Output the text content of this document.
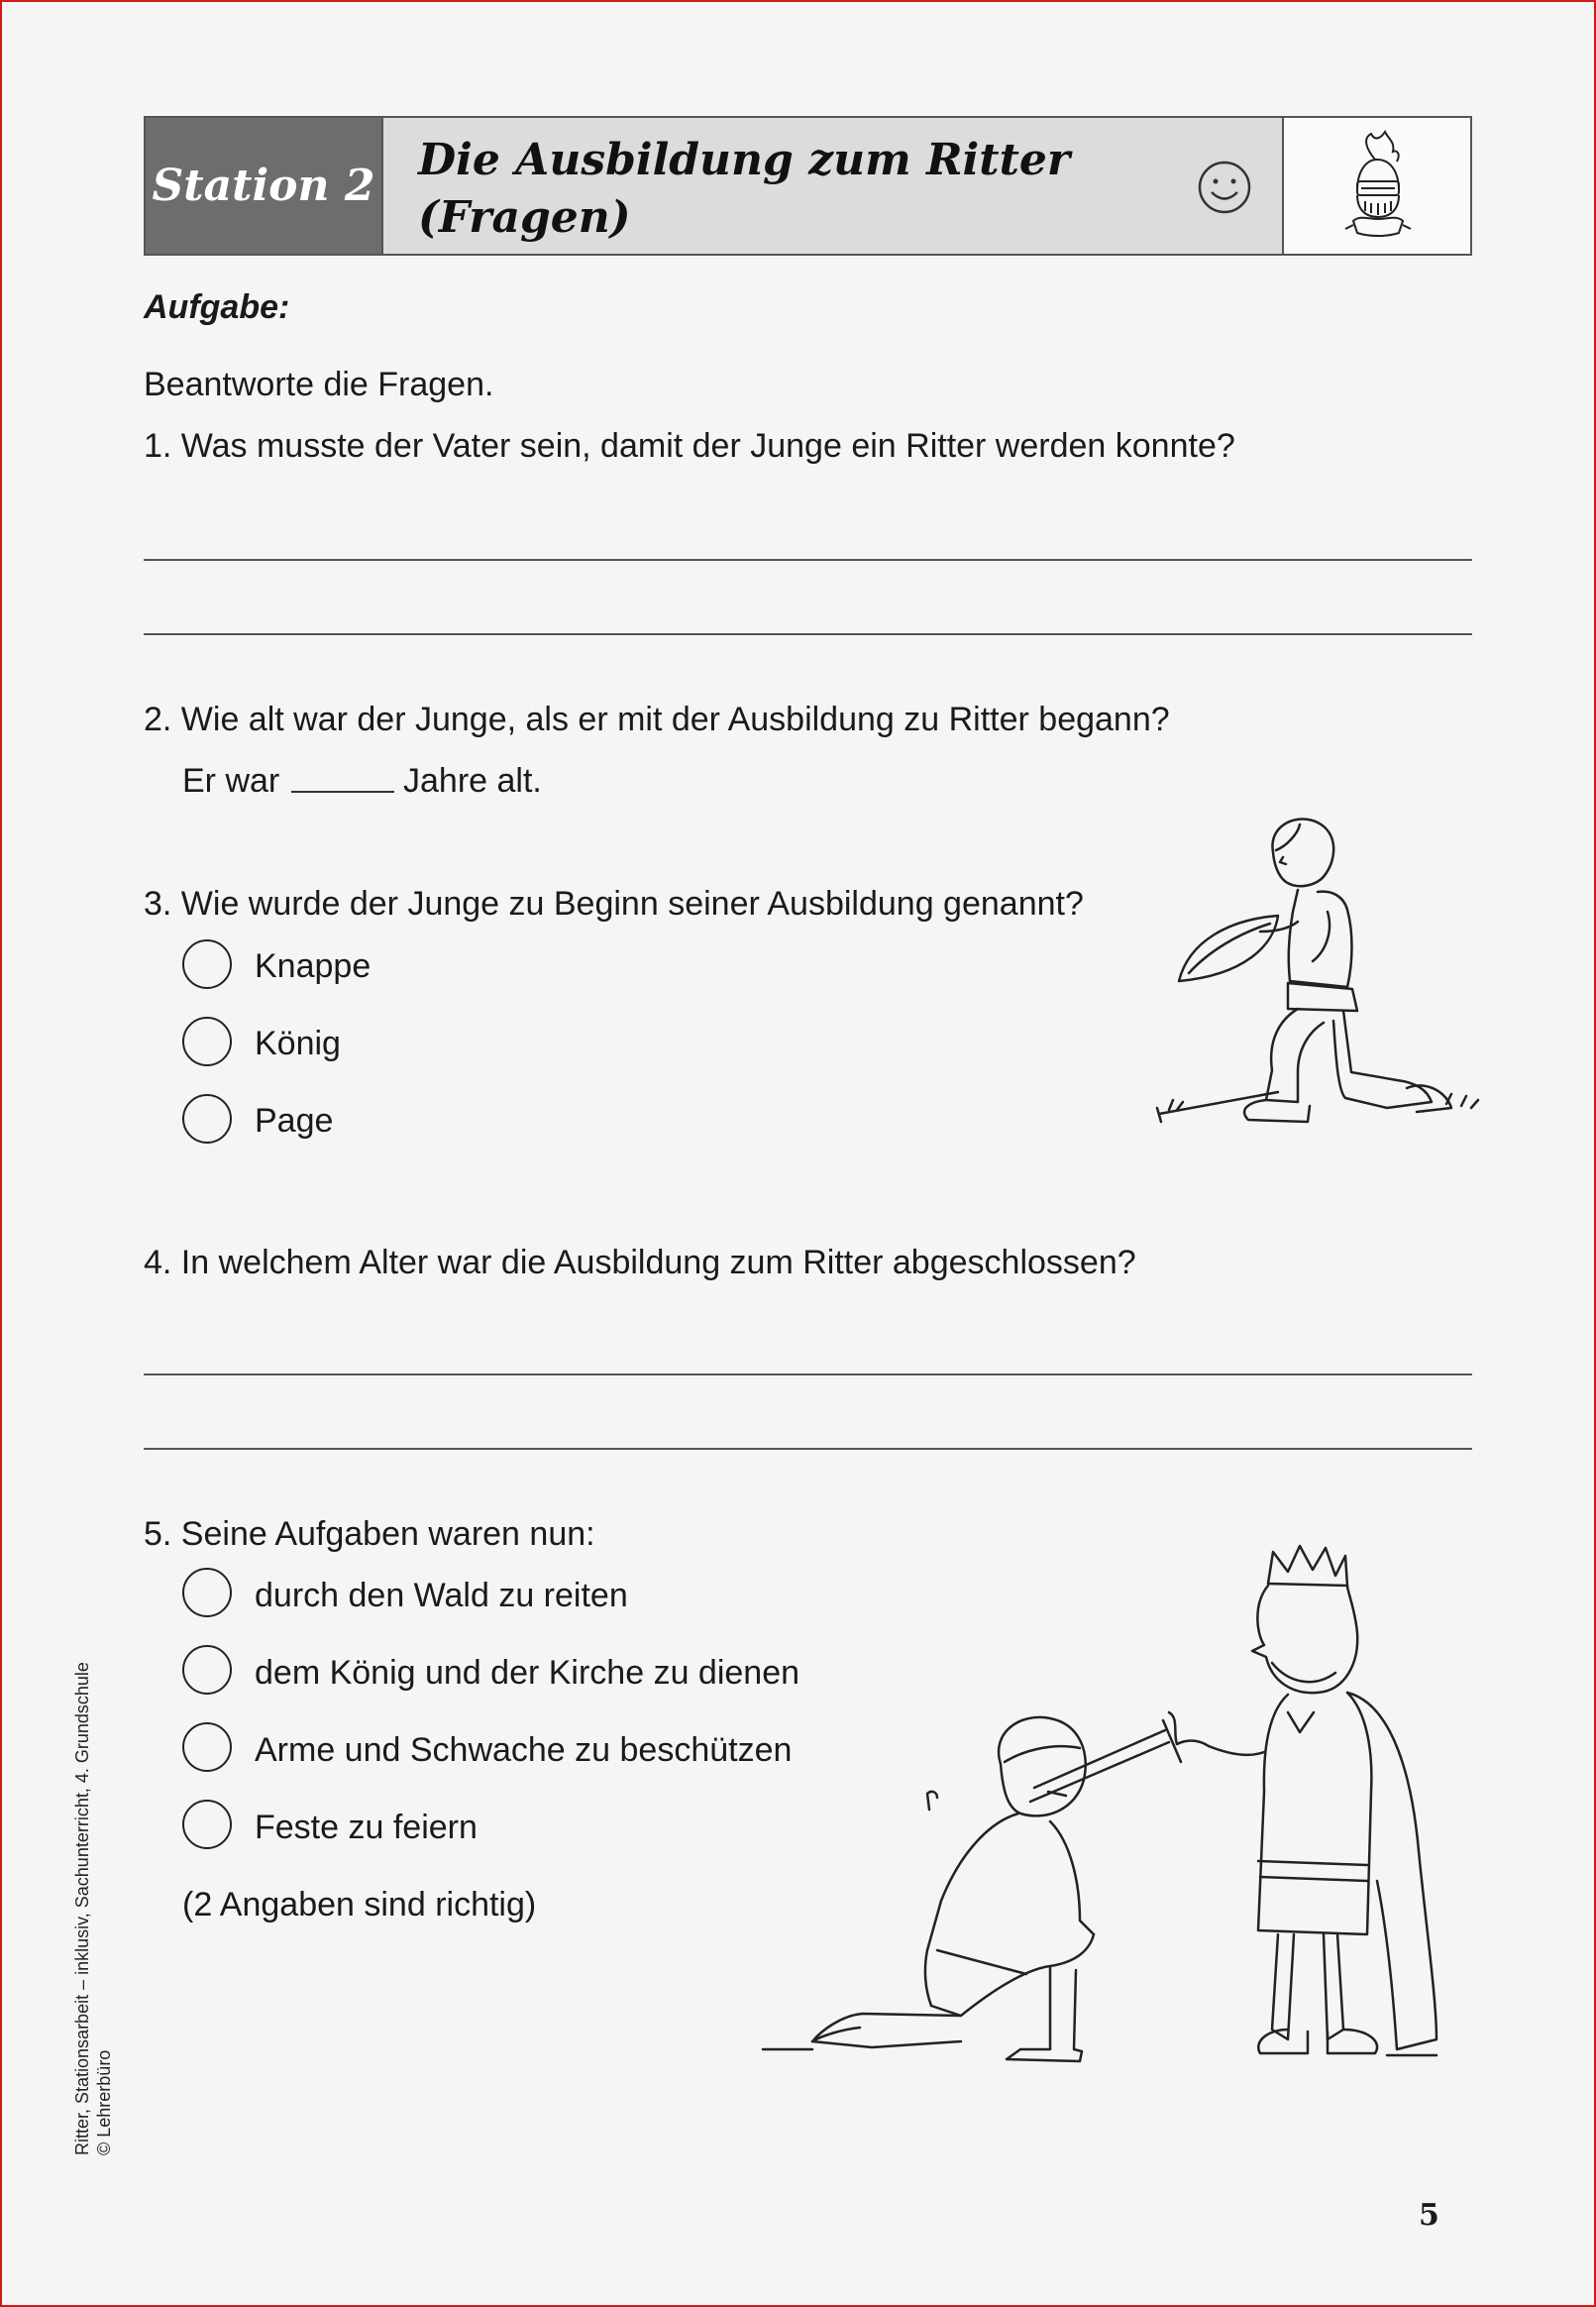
Station 2
Die Ausbildung zum Ritter
(Fragen)
Aufgabe:
Beantworte die Fragen.
1. Was musste der Vater sein, damit der Junge ein Ritter werden konnte?
2. Wie alt war der Junge, als er mit der Ausbildung zu Ritter begann?
Er war	Jahre alt.
3. Wie wurde der Junge zu Beginn seiner Ausbildung genannt?
Knappe
König
Page
4. In welchem Alter war die Ausbildung zum Ritter abgeschlossen?
5. Seine Aufgaben waren nun:
durch den Wald zu reiten
dem König und der Kirche zu dienen
Arme und Schwache zu beschützen
Feste zu feiern
(2 Angaben sind richtig)
Ritter, Stationsarbeit – inklusiv, Sachunterricht, 4. Grundschule © Lehrerbüro
5
